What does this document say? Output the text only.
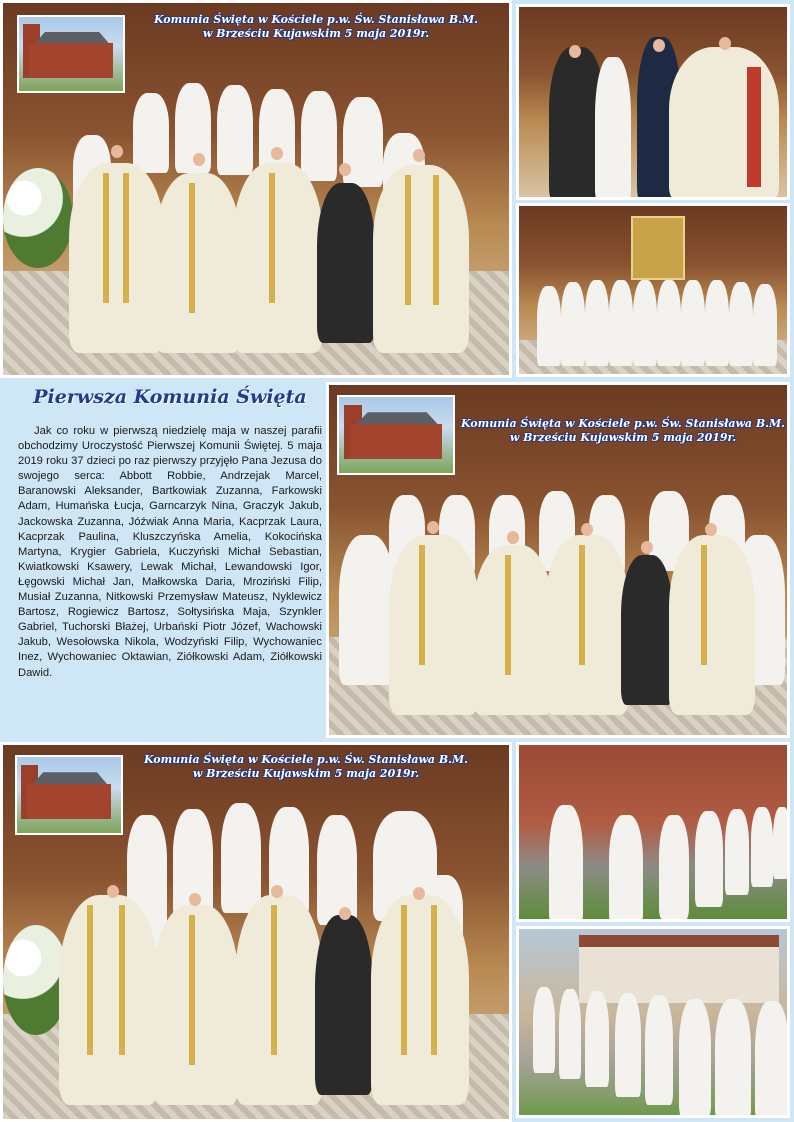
Komunia Święta w Kościele p.w. Św. Stanisława B.M.
w Brześciu Kujawskim 5 maja 2019r.
Pierwsza Komunia Święta

Jak co roku w pierwszą niedzielę maja w naszej parafii obchodzimy Uroczystość Pierwszej Komunii Świętej. 5 maja 2019 roku 37 dzieci po raz pierwszy przyjęło Pana Jezusa do swojego serca: Abbott Robbie, Andrzejak Marcel, Baranowski Aleksander, Bartkowiak Zuzanna, Farkowski Adam, Humańska Łucja, Garncarzyk Nina, Graczyk Jakub, Jackowska Zuzanna, Jóźwiak Anna Maria, Kacprzak Laura, Kacprzak Paulina, Kluszczyńska Amelia, Kokocińska Martyna, Krygier Gabriela, Kuczyński Michał Sebastian, Kwiatkowski Ksawery, Lewak Michał, Lewandowski Igor, Łęgowski Michał Jan, Małkowska Daria, Mroziński Filip, Musiał Zuzanna, Nitkowski Przemysław Mateusz, Nyklewicz Bartosz, Rogiewicz Bartosz, Sołtysińska Maja, Szynkler Gabriel, Tuchorski Błażej, Urbański Piotr Józef, Wachowski Jakub, Wesołowska Nikola, Wodzyński Filip, Wychowaniec Inez, Wychowaniec Oktawian, Ziółkowski Adam, Ziółkowski Dawid.

Komunia Święta w Kościele p.w. Św. Stanisława B.M.
w Brześciu Kujawskim 5 maja 2019r.
Komunia Święta w Kościele p.w. Św. Stanisława B.M.
w Brześciu Kujawskim 5 maja 2019r.
